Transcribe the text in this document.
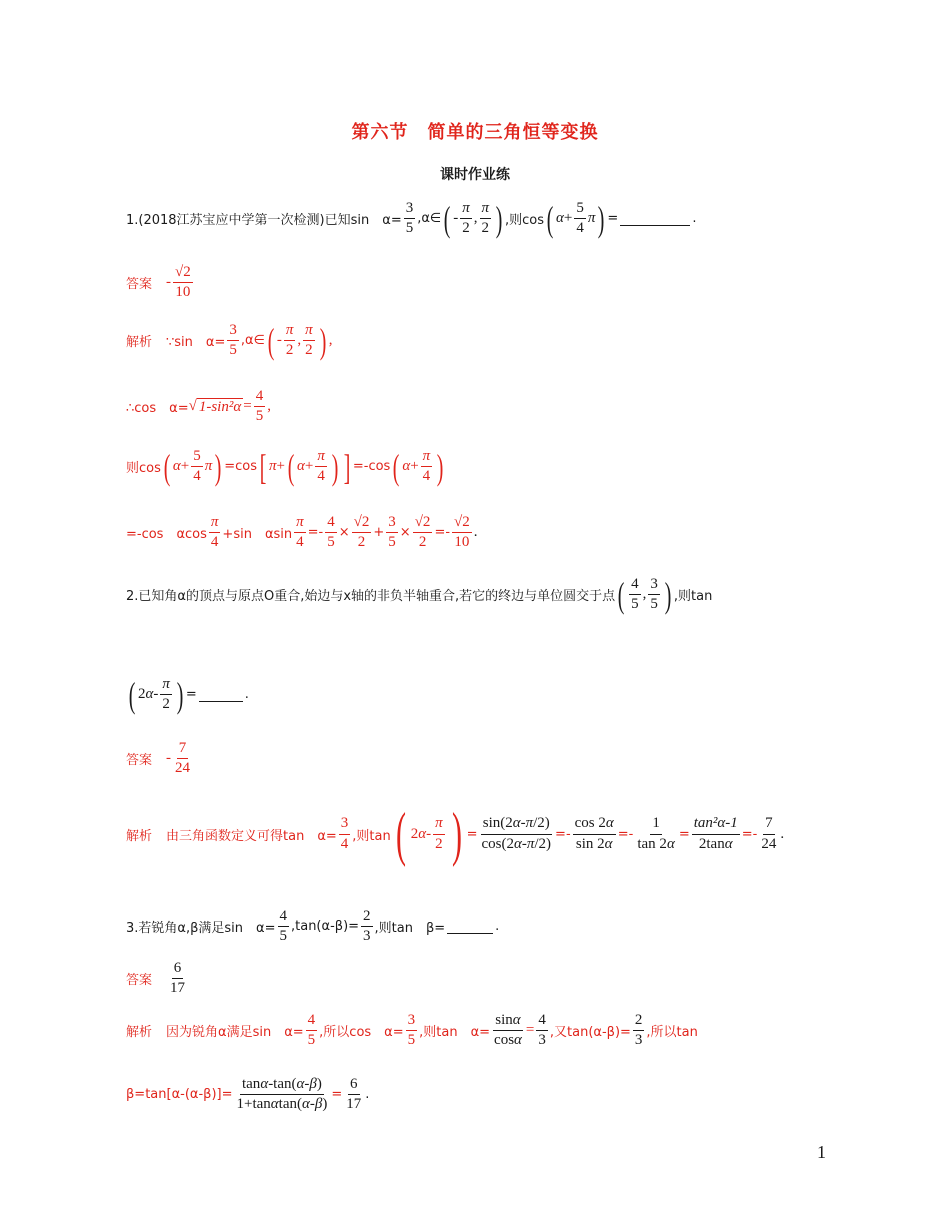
第六节　简单的三角恒等变换
课时作业练
1.(2018江苏宝应中学第一次检测)已知sin　$\alpha= \frac{3}{5}$ ,α∈ ( - $\frac{\pi}{2}$ , $\frac{\pi}{2}$ ) ,则cos ( $\alpha + \frac{5}{4}$ π ) =	.
答案 - $\frac{√2}{10}$
解析 ∵sin　$\alpha= \frac{3}{5}$ ,α∈ ( - $\frac{\pi}{2}$ , $\frac{\pi}{2}$ ) ,
∴cos　α= √ $1-\sin^2\alpha = \frac{4}{5}$ ,
则cos ( $\alpha + \frac{5}{4}$ π ) =cos [ π + ( $\alpha + \frac{\pi}{4}$ ) ] =-cos ( $\alpha + \frac{\pi}{4}$ )
=-cos　αcos $\frac{\pi}{4} +\sin$　αsin $\frac{\pi}{4} =- \frac{4}{5} \times \frac{√2}{2} + \frac{3}{5} \times \frac{√2}{2} =- \frac{√2}{10}$ .
2.已知角α的顶点与原点O重合,始边与x轴的非负半轴重合,若它的终边与单位圆交于点 ( $\frac{4}{5}$ , $\frac{3}{5}$ ) ,则tan
( 2 α - $\frac{\pi}{2}$ ) =	.
答案 - $\frac{7}{24}$
解析 由三角函数定义可得tan　$\alpha= \frac{3}{4}$ ,则tan ( 2 α - $\frac{\pi}{2}$ ) = $\frac{\sin(2\alpha-\pi/2)}{\cos(2\alpha-\pi/2)} =- \frac{\cos 2\alpha}{\sin 2\alpha} =- \frac{1}{\tan 2\alpha} = \frac{\text{tan²α-1}}{2\tan\alpha} =- \frac{7}{24}$ .
3.若锐角α,β满足sin　$\alpha= \frac{4}{5} ,\tan(\alpha-\beta)= \frac{2}{3}$ ,则tan　β=	.
答案 $\frac{6}{17}$
解析 因为锐角α满足sin　$\alpha= \frac{4}{5}$ ,所以cos　$\alpha= \frac{3}{5}$ ,则tan　$\alpha= \frac{\sin\alpha}{\cos\alpha} = \frac{4}{3}$ ,又$\tan(\alpha-\beta)= \frac{2}{3}$ ,所以tan
$\beta=\tan[\alpha-(\alpha-\beta)]= \frac{\tan\alpha-\tan(\alpha-\beta)}{1+\tan\alpha\tan(\alpha-\beta)} = \frac{6}{17}$ .
1
